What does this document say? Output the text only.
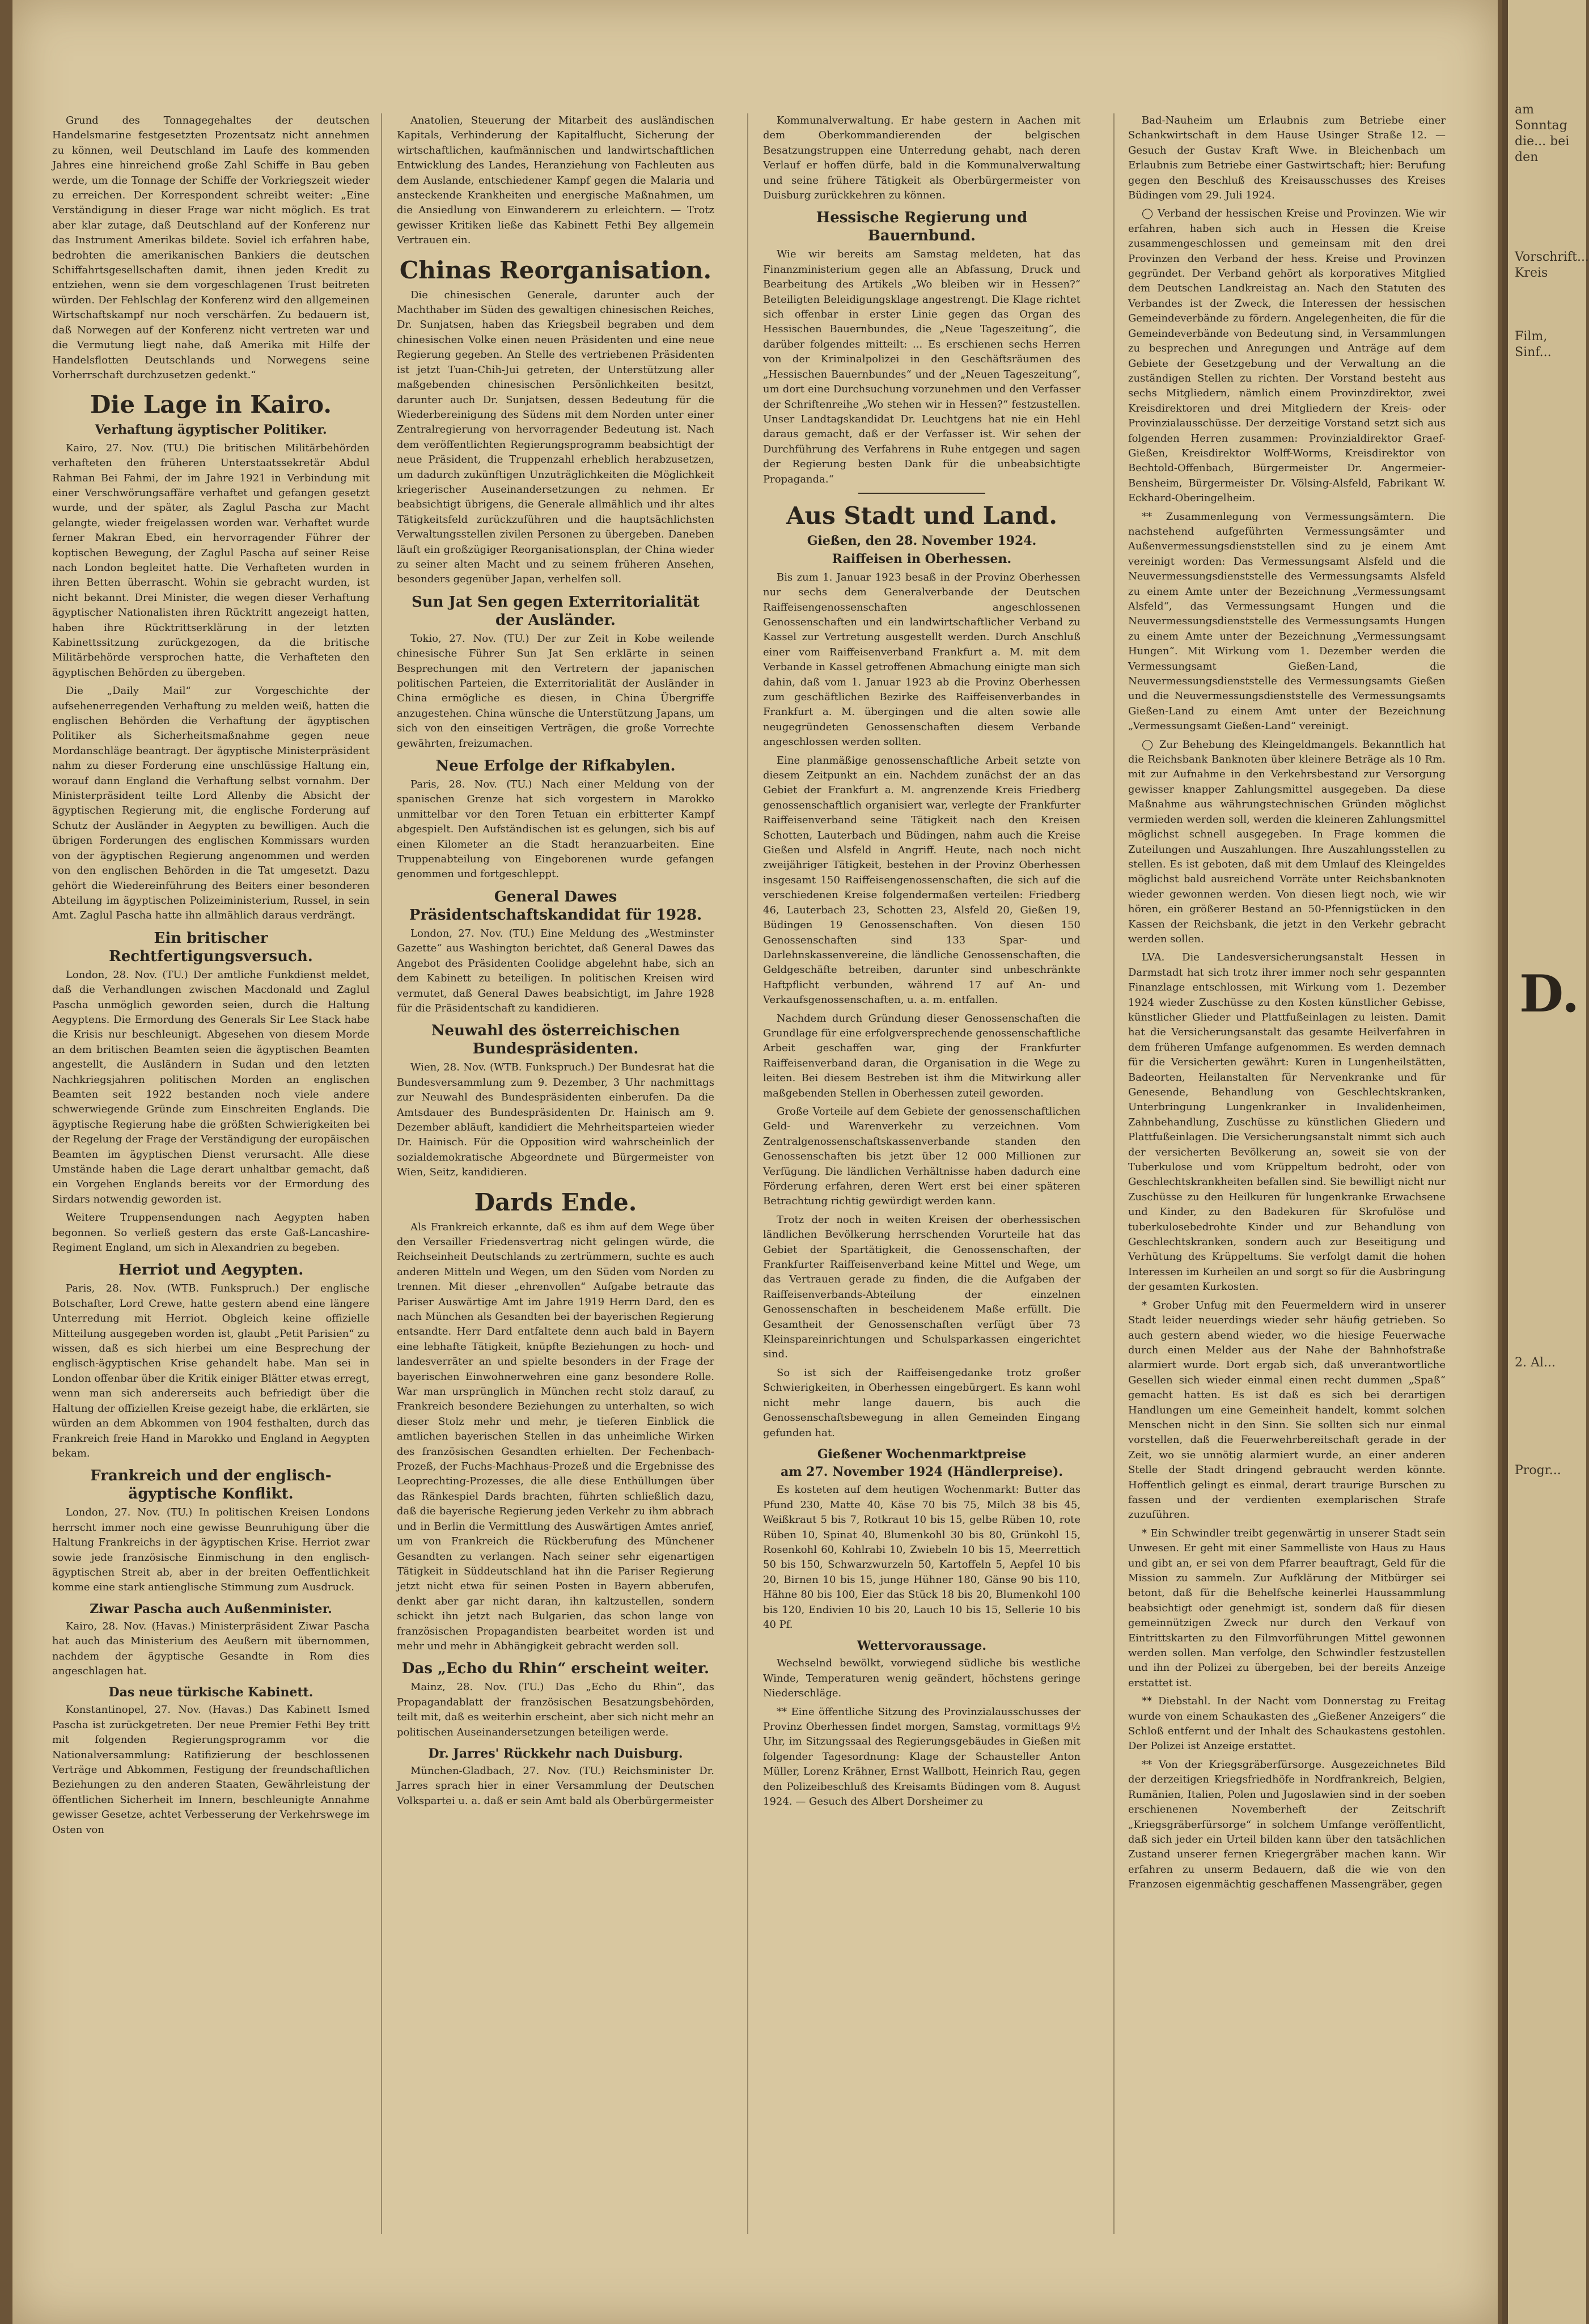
am Sonntag die... bei den
Vorschrift... Kreis
Film, Sinf...
D.
2. Al...
Progr...

Grund des Tonnagegehaltes der deutschen Handelsmarine festgesetzten Prozentsatz nicht annehmen zu können, weil Deutschland im Laufe des kommenden Jahres eine hinreichend große Zahl Schiffe in Bau geben werde, um die Tonnage der Schiffe der Vorkriegszeit wieder zu erreichen. Der Korrespondent schreibt weiter: „Eine Verständigung in dieser Frage war nicht möglich. Es trat aber klar zutage, daß Deutschland auf der Konferenz nur das Instrument Amerikas bildete. Soviel ich erfahren habe, bedrohten die amerikanischen Bankiers die deutschen Schiffahrtsgesellschaften damit, ihnen jeden Kredit zu entziehen, wenn sie dem vorgeschlagenen Trust beitreten würden. Der Fehlschlag der Konferenz wird den allgemeinen Wirtschaftskampf nur noch verschärfen. Zu bedauern ist, daß Norwegen auf der Konferenz nicht vertreten war und die Vermutung liegt nahe, daß Amerika mit Hilfe der Handelsflotten Deutschlands und Norwegens seine Vorherrschaft durchzusetzen gedenkt.“

Die Lage in Kairo.
Verhaftung ägyptischer Politiker.

Kairo, 27. Nov. (TU.) Die britischen Militärbehörden verhafteten den früheren Unterstaatssekretär Abdul Rahman Bei Fahmi, der im Jahre 1921 in Verbindung mit einer Verschwörungsaffäre verhaftet und gefangen gesetzt wurde, und der später, als Zaglul Pascha zur Macht gelangte, wieder freigelassen worden war. Verhaftet wurde ferner Makran Ebed, ein hervorragender Führer der koptischen Bewegung, der Zaglul Pascha auf seiner Reise nach London begleitet hatte. Die Verhafteten wurden in ihren Betten überrascht. Wohin sie gebracht wurden, ist nicht bekannt. Drei Minister, die wegen dieser Verhaftung ägyptischer Nationalisten ihren Rücktritt angezeigt hatten, haben ihre Rücktrittserklärung in der letzten Kabinettssitzung zurückgezogen, da die britische Militärbehörde versprochen hatte, die Verhafteten den ägyptischen Behörden zu übergeben.

Die „Daily Mail“ zur Vorgeschichte der aufsehenerregenden Verhaftung zu melden weiß, hatten die englischen Behörden die Verhaftung der ägyptischen Politiker als Sicherheitsmaßnahme gegen neue Mordanschläge beantragt. Der ägyptische Ministerpräsident nahm zu dieser Forderung eine unschlüssige Haltung ein, worauf dann England die Verhaftung selbst vornahm. Der Ministerpräsident teilte Lord Allenby die Absicht der ägyptischen Regierung mit, die englische Forderung auf Schutz der Ausländer in Aegypten zu bewilligen. Auch die übrigen Forderungen des englischen Kommissars wurden von der ägyptischen Regierung angenommen und werden von den englischen Behörden in die Tat umgesetzt. Dazu gehört die Wiedereinführung des Beiters einer besonderen Abteilung im ägyptischen Polizeiministerium, Russel, in sein Amt. Zaglul Pascha hatte ihn allmählich daraus verdrängt.

Ein britischer Rechtfertigungsversuch.

London, 28. Nov. (TU.) Der amtliche Funkdienst meldet, daß die Verhandlungen zwischen Macdonald und Zaglul Pascha unmöglich geworden seien, durch die Haltung Aegyptens. Die Ermordung des Generals Sir Lee Stack habe die Krisis nur beschleunigt. Abgesehen von diesem Morde an dem britischen Beamten seien die ägyptischen Beamten angestellt, die Ausländern in Sudan und den letzten Nachkriegsjahren politischen Morden an englischen Beamten seit 1922 bestanden noch viele andere schwerwiegende Gründe zum Einschreiten Englands. Die ägyptische Regierung habe die größten Schwierigkeiten bei der Regelung der Frage der Verständigung der europäischen Beamten im ägyptischen Dienst verursacht. Alle diese Umstände haben die Lage derart unhaltbar gemacht, daß ein Vorgehen Englands bereits vor der Ermordung des Sirdars notwendig geworden ist.

Weitere Truppensendungen nach Aegypten haben begonnen. So verließ gestern das erste Gaß-Lancashire-Regiment England, um sich in Alexandrien zu begeben.

Herriot und Aegypten.

Paris, 28. Nov. (WTB. Funkspruch.) Der englische Botschafter, Lord Crewe, hatte gestern abend eine längere Unterredung mit Herriot. Obgleich keine offizielle Mitteilung ausgegeben worden ist, glaubt „Petit Parisien“ zu wissen, daß es sich hierbei um eine Besprechung der englisch-ägyptischen Krise gehandelt habe. Man sei in London offenbar über die Kritik einiger Blätter etwas erregt, wenn man sich andererseits auch befriedigt über die Haltung der offiziellen Kreise gezeigt habe, die erklärten, sie würden an dem Abkommen von 1904 festhalten, durch das Frankreich freie Hand in Marokko und England in Aegypten bekam.

Frankreich und der englisch-ägyptische Konflikt.

London, 27. Nov. (TU.) In politischen Kreisen Londons herrscht immer noch eine gewisse Beunruhigung über die Haltung Frankreichs in der ägyptischen Krise. Herriot zwar sowie jede französische Einmischung in den englisch-ägyptischen Streit ab, aber in der breiten Oeffentlichkeit komme eine stark antienglische Stimmung zum Ausdruck.

Ziwar Pascha auch Außenminister.

Kairo, 28. Nov. (Havas.) Ministerpräsident Ziwar Pascha hat auch das Ministerium des Aeußern mit übernommen, nachdem der ägyptische Gesandte in Rom dies angeschlagen hat.

Das neue türkische Kabinett.

Konstantinopel, 27. Nov. (Havas.) Das Kabinett Ismed Pascha ist zurückgetreten. Der neue Premier Fethi Bey tritt mit folgenden Regierungsprogramm vor die Nationalversammlung: Ratifizierung der beschlossenen Verträge und Abkommen, Festigung der freundschaftlichen Beziehungen zu den anderen Staaten, Gewährleistung der öffentlichen Sicherheit im Innern, beschleunigte Annahme gewisser Gesetze, achtet Verbesserung der Verkehrswege im Osten von

Anatolien, Steuerung der Mitarbeit des ausländischen Kapitals, Verhinderung der Kapitalflucht, Sicherung der wirtschaftlichen, kaufmännischen und landwirtschaftlichen Entwicklung des Landes, Heranziehung von Fachleuten aus dem Auslande, entschiedener Kampf gegen die Malaria und ansteckende Krankheiten und energische Maßnahmen, um die Ansiedlung von Einwanderern zu erleichtern. — Trotz gewisser Kritiken ließe das Kabinett Fethi Bey allgemein Vertrauen ein.

Chinas Reorganisation.

Die chinesischen Generale, darunter auch der Machthaber im Süden des gewaltigen chinesischen Reiches, Dr. Sunjatsen, haben das Kriegsbeil begraben und dem chinesischen Volke einen neuen Präsidenten und eine neue Regierung gegeben. An Stelle des vertriebenen Präsidenten ist jetzt Tuan-Chih-Jui getreten, der Unterstützung aller maßgebenden chinesischen Persönlichkeiten besitzt, darunter auch Dr. Sunjatsen, dessen Bedeutung für die Wiederbereinigung des Südens mit dem Norden unter einer Zentralregierung von hervorragender Bedeutung ist. Nach dem veröffentlichten Regierungsprogramm beabsichtigt der neue Präsident, die Truppenzahl erheblich herabzusetzen, um dadurch zukünftigen Unzuträglichkeiten die Möglichkeit kriegerischer Auseinandersetzungen zu nehmen. Er beabsichtigt übrigens, die Generale allmählich und ihr altes Tätigkeitsfeld zurückzuführen und die hauptsächlichsten Verwaltungsstellen zivilen Personen zu übergeben. Daneben läuft ein großzügiger Reorganisationsplan, der China wieder zu seiner alten Macht und zu seinem früheren Ansehen, besonders gegenüber Japan, verhelfen soll.

Sun Jat Sen gegen Exterritorialität der Ausländer.

Tokio, 27. Nov. (TU.) Der zur Zeit in Kobe weilende chinesische Führer Sun Jat Sen erklärte in seinen Besprechungen mit den Vertretern der japanischen politischen Parteien, die Exterritorialität der Ausländer in China ermögliche es diesen, in China Übergriffe anzugestehen. China wünsche die Unterstützung Japans, um sich von den einseitigen Verträgen, die große Vorrechte gewährten, freizumachen.

Neue Erfolge der Rifkabylen.

Paris, 28. Nov. (TU.) Nach einer Meldung von der spanischen Grenze hat sich vorgestern in Marokko unmittelbar vor den Toren Tetuan ein erbitterter Kampf abgespielt. Den Aufständischen ist es gelungen, sich bis auf einen Kilometer an die Stadt heranzuarbeiten. Eine Truppenabteilung von Eingeborenen wurde gefangen genommen und fortgeschleppt.

General Dawes Präsidentschaftskandidat für 1928.

London, 27. Nov. (TU.) Eine Meldung des „Westminster Gazette“ aus Washington berichtet, daß General Dawes das Angebot des Präsidenten Coolidge abgelehnt habe, sich an dem Kabinett zu beteiligen. In politischen Kreisen wird vermutet, daß General Dawes beabsichtigt, im Jahre 1928 für die Präsidentschaft zu kandidieren.

Neuwahl des österreichischen Bundespräsidenten.

Wien, 28. Nov. (WTB. Funkspruch.) Der Bundesrat hat die Bundesversammlung zum 9. Dezember, 3 Uhr nachmittags zur Neuwahl des Bundespräsidenten einberufen. Da die Amtsdauer des Bundespräsidenten Dr. Hainisch am 9. Dezember abläuft, kandidiert die Mehrheitsparteien wieder Dr. Hainisch. Für die Opposition wird wahrscheinlich der sozialdemokratische Abgeordnete und Bürgermeister von Wien, Seitz, kandidieren.

Dards Ende.

Als Frankreich erkannte, daß es ihm auf dem Wege über den Versailler Friedensvertrag nicht gelingen würde, die Reichseinheit Deutschlands zu zertrümmern, suchte es auch anderen Mitteln und Wegen, um den Süden vom Norden zu trennen. Mit dieser „ehrenvollen“ Aufgabe betraute das Pariser Auswärtige Amt im Jahre 1919 Herrn Dard, den es nach München als Gesandten bei der bayerischen Regierung entsandte. Herr Dard entfaltete denn auch bald in Bayern eine lebhafte Tätigkeit, knüpfte Beziehungen zu hoch- und landesverräter an und spielte besonders in der Frage der bayerischen Einwohnerwehren eine ganz besondere Rolle. War man ursprünglich in München recht stolz darauf, zu Frankreich besondere Beziehungen zu unterhalten, so wich dieser Stolz mehr und mehr, je tieferen Einblick die amtlichen bayerischen Stellen in das unheimliche Wirken des französischen Gesandten erhielten. Der Fechenbach-Prozeß, der Fuchs-Machhaus-Prozeß und die Ergebnisse des Leoprechting-Prozesses, die alle diese Enthüllungen über das Ränkespiel Dards brachten, führten schließlich dazu, daß die bayerische Regierung jeden Verkehr zu ihm abbrach und in Berlin die Vermittlung des Auswärtigen Amtes anrief, um von Frankreich die Rückberufung des Münchener Gesandten zu verlangen. Nach seiner sehr eigenartigen Tätigkeit in Süddeutschland hat ihn die Pariser Regierung jetzt nicht etwa für seinen Posten in Bayern abberufen, denkt aber gar nicht daran, ihn kaltzustellen, sondern schickt ihn jetzt nach Bulgarien, das schon lange von französischen Propagandisten bearbeitet worden ist und mehr und mehr in Abhängigkeit gebracht werden soll.

Das „Echo du Rhin“ erscheint weiter.

Mainz, 28. Nov. (TU.) Das „Echo du Rhin“, das Propagandablatt der französischen Besatzungsbehörden, teilt mit, daß es weiterhin erscheint, aber sich nicht mehr an politischen Auseinandersetzungen beteiligen werde.

Dr. Jarres' Rückkehr nach Duisburg.

München-Gladbach, 27. Nov. (TU.) Reichsminister Dr. Jarres sprach hier in einer Versammlung der Deutschen Volkspartei u. a. daß er sein Amt bald als Oberbürgermeister

Kommunalverwaltung. Er habe gestern in Aachen mit dem Oberkommandierenden der belgischen Besatzungstruppen eine Unterredung gehabt, nach deren Verlauf er hoffen dürfe, bald in die Kommunalverwaltung und seine frühere Tätigkeit als Oberbürgermeister von Duisburg zurückkehren zu können.

Hessische Regierung und Bauernbund.

Wie wir bereits am Samstag meldeten, hat das Finanzministerium gegen alle an Abfassung, Druck und Bearbeitung des Artikels „Wo bleiben wir in Hessen?“ Beteiligten Beleidigungsklage angestrengt. Die Klage richtet sich offenbar in erster Linie gegen das Organ des Hessischen Bauernbundes, die „Neue Tageszeitung“, die darüber folgendes mitteilt: ... Es erschienen sechs Herren von der Kriminalpolizei in den Geschäftsräumen des „Hessischen Bauernbundes“ und der „Neuen Tageszeitung“, um dort eine Durchsuchung vorzunehmen und den Verfasser der Schriftenreihe „Wo stehen wir in Hessen?“ festzustellen. Unser Landtagskandidat Dr. Leuchtgens hat nie ein Hehl daraus gemacht, daß er der Verfasser ist. Wir sehen der Durchführung des Verfahrens in Ruhe entgegen und sagen der Regierung besten Dank für die unbeabsichtigte Propaganda.“

Aus Stadt und Land.
Gießen, den 28. November 1924.
Raiffeisen in Oberhessen.

Bis zum 1. Januar 1923 besaß in der Provinz Oberhessen nur sechs dem Generalverbande der Deutschen Raiffeisengenossenschaften angeschlossenen Genossenschaften und ein landwirtschaftlicher Verband zu Kassel zur Vertretung ausgestellt werden. Durch Anschluß einer vom Raiffeisenverband Frankfurt a. M. mit dem Verbande in Kassel getroffenen Abmachung einigte man sich dahin, daß vom 1. Januar 1923 ab die Provinz Oberhessen zum geschäftlichen Bezirke des Raiffeisenverbandes in Frankfurt a. M. übergingen und die alten sowie alle neugegründeten Genossenschaften diesem Verbande angeschlossen werden sollten.

Eine planmäßige genossenschaftliche Arbeit setzte von diesem Zeitpunkt an ein. Nachdem zunächst der an das Gebiet der Frankfurt a. M. angrenzende Kreis Friedberg genossenschaftlich organisiert war, verlegte der Frankfurter Raiffeisenverband seine Tätigkeit nach den Kreisen Schotten, Lauterbach und Büdingen, nahm auch die Kreise Gießen und Alsfeld in Angriff. Heute, nach noch nicht zweijähriger Tätigkeit, bestehen in der Provinz Oberhessen insgesamt 150 Raiffeisengenossenschaften, die sich auf die verschiedenen Kreise folgendermaßen verteilen: Friedberg 46, Lauterbach 23, Schotten 23, Alsfeld 20, Gießen 19, Büdingen 19 Genossenschaften. Von diesen 150 Genossenschaften sind 133 Spar- und Darlehnskassenvereine, die ländliche Genossenschaften, die Geldgeschäfte betreiben, darunter sind unbeschränkte Haftpflicht verbunden, während 17 auf An- und Verkaufsgenossenschaften, u. a. m. entfallen.

Nachdem durch Gründung dieser Genossenschaften die Grundlage für eine erfolgversprechende genossenschaftliche Arbeit geschaffen war, ging der Frankfurter Raiffeisenverband daran, die Organisation in die Wege zu leiten. Bei diesem Bestreben ist ihm die Mitwirkung aller maßgebenden Stellen in Oberhessen zuteil geworden.

Große Vorteile auf dem Gebiete der genossenschaftlichen Geld- und Warenverkehr zu verzeichnen. Vom Zentralgenossenschaftskassenverbande standen den Genossenschaften bis jetzt über 12 000 Millionen zur Verfügung. Die ländlichen Verhältnisse haben dadurch eine Förderung erfahren, deren Wert erst bei einer späteren Betrachtung richtig gewürdigt werden kann.

Trotz der noch in weiten Kreisen der oberhessischen ländlichen Bevölkerung herrschenden Vorurteile hat das Gebiet der Spartätigkeit, die Genossenschaften, der Frankfurter Raiffeisenverband keine Mittel und Wege, um das Vertrauen gerade zu finden, die die Aufgaben der Raiffeisenverbands-Abteilung der einzelnen Genossenschaften in bescheidenem Maße erfüllt. Die Gesamtheit der Genossenschaften verfügt über 73 Kleinspareinrichtungen und Schulsparkassen eingerichtet sind.

So ist sich der Raiffeisengedanke trotz großer Schwierigkeiten, in Oberhessen eingebürgert. Es kann wohl nicht mehr lange dauern, bis auch die Genossenschaftsbewegung in allen Gemeinden Eingang gefunden hat.

Gießener Wochenmarktpreise
am 27. November 1924 (Händlerpreise).

Es kosteten auf dem heutigen Wochenmarkt: Butter das Pfund 230, Matte 40, Käse 70 bis 75, Milch 38 bis 45, Weißkraut 5 bis 7, Rotkraut 10 bis 15, gelbe Rüben 10, rote Rüben 10, Spinat 40, Blumenkohl 30 bis 80, Grünkohl 15, Rosenkohl 60, Kohlrabi 10, Zwiebeln 10 bis 15, Meerrettich 50 bis 150, Schwarzwurzeln 50, Kartoffeln 5, Aepfel 10 bis 20, Birnen 10 bis 15, junge Hühner 180, Gänse 90 bis 110, Hähne 80 bis 100, Eier das Stück 18 bis 20, Blumenkohl 100 bis 120, Endivien 10 bis 20, Lauch 10 bis 15, Sellerie 10 bis 40 Pf.

Wettervoraussage.

Wechselnd bewölkt, vorwiegend südliche bis westliche Winde, Temperaturen wenig geändert, höchstens geringe Niederschläge.

** Eine öffentliche Sitzung des Provinzialausschusses der Provinz Oberhessen findet morgen, Samstag, vormittags 9½ Uhr, im Sitzungssaal des Regierungsgebäudes in Gießen mit folgender Tagesordnung: Klage der Schausteller Anton Müller, Lorenz Krähner, Ernst Wallbott, Heinrich Rau, gegen den Polizeibeschluß des Kreisamts Büdingen vom 8. August 1924. — Gesuch des Albert Dorsheimer zu

Bad-Nauheim um Erlaubnis zum Betriebe einer Schankwirtschaft in dem Hause Usinger Straße 12. — Gesuch der Gustav Kraft Wwe. in Bleichenbach um Erlaubnis zum Betriebe einer Gastwirtschaft; hier: Berufung gegen den Beschluß des Kreisausschusses des Kreises Büdingen vom 29. Juli 1924.

◯ Verband der hessischen Kreise und Provinzen. Wie wir erfahren, haben sich auch in Hessen die Kreise zusammengeschlossen und gemeinsam mit den drei Provinzen den Verband der hess. Kreise und Provinzen gegründet. Der Verband gehört als korporatives Mitglied dem Deutschen Landkreistag an. Nach den Statuten des Verbandes ist der Zweck, die Interessen der hessischen Gemeindeverbände zu fördern. Angelegenheiten, die für die Gemeindeverbände von Bedeutung sind, in Versammlungen zu besprechen und Anregungen und Anträge auf dem Gebiete der Gesetzgebung und der Verwaltung an die zuständigen Stellen zu richten. Der Vorstand besteht aus sechs Mitgliedern, nämlich einem Provinzdirektor, zwei Kreisdirektoren und drei Mitgliedern der Kreis- oder Provinzialausschüsse. Der derzeitige Vorstand setzt sich aus folgenden Herren zusammen: Provinzialdirektor Graef-Gießen, Kreisdirektor Wolff-Worms, Kreisdirektor von Bechtold-Offenbach, Bürgermeister Dr. Angermeier-Bensheim, Bürgermeister Dr. Völsing-Alsfeld, Fabrikant W. Eckhard-Oberingelheim.

** Zusammenlegung von Vermessungsämtern. Die nachstehend aufgeführten Vermessungsämter und Außenvermessungsdienststellen sind zu je einem Amt vereinigt worden: Das Vermessungsamt Alsfeld und die Neuvermessungsdienststelle des Vermessungsamts Alsfeld zu einem Amte unter der Bezeichnung „Vermessungsamt Alsfeld“, das Vermessungsamt Hungen und die Neuvermessungsdienststelle des Vermessungsamts Hungen zu einem Amte unter der Bezeichnung „Vermessungsamt Hungen“. Mit Wirkung vom 1. Dezember werden die Vermessungsamt Gießen-Land, die Neuvermessungsdienststelle des Vermessungsamts Gießen und die Neuvermessungsdienststelle des Vermessungsamts Gießen-Land zu einem Amt unter der Bezeichnung „Vermessungsamt Gießen-Land“ vereinigt.

◯ Zur Behebung des Kleingeldmangels. Bekanntlich hat die Reichsbank Banknoten über kleinere Beträge als 10 Rm. mit zur Aufnahme in den Verkehrsbestand zur Versorgung gewisser knapper Zahlungsmittel ausgegeben. Da diese Maßnahme aus währungstechnischen Gründen möglichst vermieden werden soll, werden die kleineren Zahlungsmittel möglichst schnell ausgegeben. In Frage kommen die Zuteilungen und Auszahlungen. Ihre Auszahlungsstellen zu stellen. Es ist geboten, daß mit dem Umlauf des Kleingeldes möglichst bald ausreichend Vorräte unter Reichsbanknoten wieder gewonnen werden. Von diesen liegt noch, wie wir hören, ein größerer Bestand an 50-Pfennigstücken in den Kassen der Reichsbank, die jetzt in den Verkehr gebracht werden sollen.

LVA. Die Landesversicherungsanstalt Hessen in Darmstadt hat sich trotz ihrer immer noch sehr gespannten Finanzlage entschlossen, mit Wirkung vom 1. Dezember 1924 wieder Zuschüsse zu den Kosten künstlicher Gebisse, künstlicher Glieder und Plattfußeinlagen zu leisten. Damit hat die Versicherungsanstalt das gesamte Heilverfahren in dem früheren Umfange aufgenommen. Es werden demnach für die Versicherten gewährt: Kuren in Lungenheilstätten, Badeorten, Heilanstalten für Nervenkranke und für Genesende, Behandlung von Geschlechtskranken, Unterbringung Lungenkranker in Invalidenheimen, Zahnbehandlung, Zuschüsse zu künstlichen Gliedern und Plattfußeinlagen. Die Versicherungsanstalt nimmt sich auch der versicherten Bevölkerung an, soweit sie von der Tuberkulose und vom Krüppeltum bedroht, oder von Geschlechtskrankheiten befallen sind. Sie bewilligt nicht nur Zuschüsse zu den Heilkuren für lungenkranke Erwachsene und Kinder, zu den Badekuren für Skrofulöse und tuberkulosebedrohte Kinder und zur Behandlung von Geschlechtskranken, sondern auch zur Beseitigung und Verhütung des Krüppeltums. Sie verfolgt damit die hohen Interessen im Kurheilen an und sorgt so für die Ausbringung der gesamten Kurkosten.

* Grober Unfug mit den Feuermeldern wird in unserer Stadt leider neuerdings wieder sehr häufig getrieben. So auch gestern abend wieder, wo die hiesige Feuerwache durch einen Melder aus der Nahe der Bahnhofstraße alarmiert wurde. Dort ergab sich, daß unverantwortliche Gesellen sich wieder einmal einen recht dummen „Spaß“ gemacht hatten. Es ist daß es sich bei derartigen Handlungen um eine Gemeinheit handelt, kommt solchen Menschen nicht in den Sinn. Sie sollten sich nur einmal vorstellen, daß die Feuerwehrbereitschaft gerade in der Zeit, wo sie unnötig alarmiert wurde, an einer anderen Stelle der Stadt dringend gebraucht werden könnte. Hoffentlich gelingt es einmal, derart traurige Burschen zu fassen und der verdienten exemplarischen Strafe zuzuführen.

* Ein Schwindler treibt gegenwärtig in unserer Stadt sein Unwesen. Er geht mit einer Sammelliste von Haus zu Haus und gibt an, er sei von dem Pfarrer beauftragt, Geld für die Mission zu sammeln. Zur Aufklärung der Mitbürger sei betont, daß für die Behelfsche keinerlei Haussammlung beabsichtigt oder genehmigt ist, sondern daß für diesen gemeinnützigen Zweck nur durch den Verkauf von Eintrittskarten zu den Filmvorführungen Mittel gewonnen werden sollen. Man verfolge, den Schwindler festzustellen und ihn der Polizei zu übergeben, bei der bereits Anzeige erstattet ist.

** Diebstahl. In der Nacht vom Donnerstag zu Freitag wurde von einem Schaukasten des „Gießener Anzeigers“ die Schloß entfernt und der Inhalt des Schaukastens gestohlen. Der Polizei ist Anzeige erstattet.

** Von der Kriegsgräberfürsorge. Ausgezeichnetes Bild der derzeitigen Kriegsfriedhöfe in Nordfrankreich, Belgien, Rumänien, Italien, Polen und Jugoslawien sind in der soeben erschienenen Novemberheft der Zeitschrift „Kriegsgräberfürsorge“ in solchem Umfange veröffentlicht, daß sich jeder ein Urteil bilden kann über den tatsächlichen Zustand unserer fernen Kriegergräber machen kann. Wir erfahren zu unserm Bedauern, daß die wie von den Franzosen eigenmächtig geschaffenen Massengräber, gegen
